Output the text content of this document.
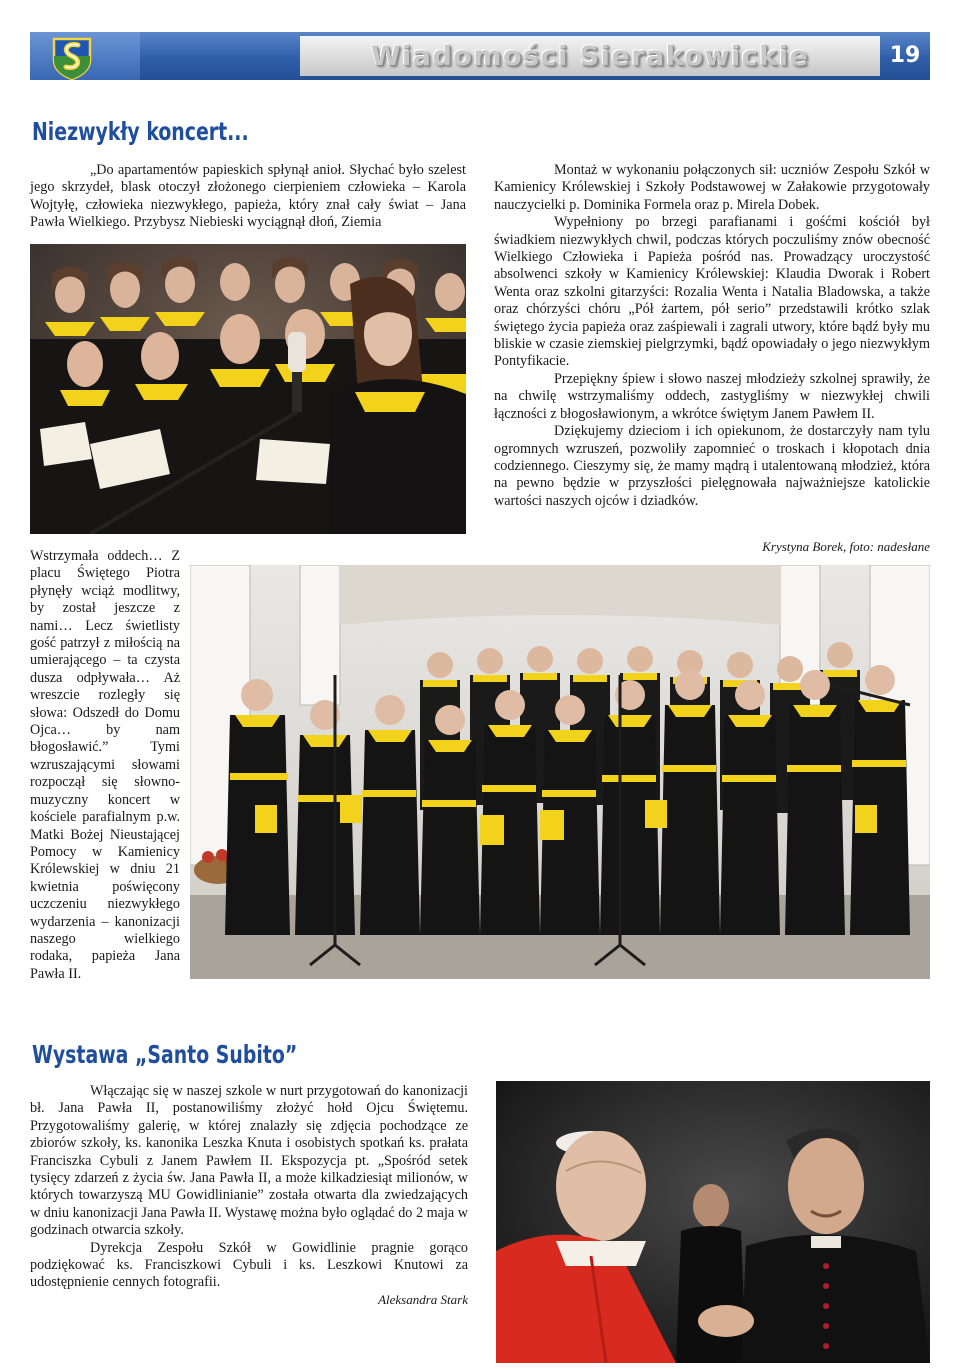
Wiadomości Sierakowickie	19
Niezwykły koncert...

„Do apartamentów papieskich spłynął anioł. Słychać było szelest jego skrzydeł, blask otoczył złożonego cierpieniem człowieka – Karola Wojtyłę, człowieka niezwykłego, papieża, który znał cały świat – Jana Pawła Wielkiego. Przybysz Niebieski wyciągnął dłoń, Ziemia

Montaż w wykonaniu połączonych sił: uczniów Zespołu Szkół w Kamienicy Królewskiej i Szkoły Podstawowej w Załakowie przygotowały nauczycielki p. Dominika Formela oraz p. Mirela Dobek.

Wypełniony po brzegi parafianami i gośćmi kościół był świadkiem niezwykłych chwil, podczas których poczuliśmy znów obecność Wielkiego Człowieka i Papieża pośród nas. Prowadzący uroczystość absolwenci szkoły w Kamienicy Królewskiej: Klaudia Dworak i Robert Wenta oraz szkolni gitarzyści: Rozalia Wenta i Natalia Bladowska, a także oraz chórzyści chóru „Pół żartem, pół serio” przedstawili krótko szlak świętego życia papieża oraz zaśpiewali i zagrali utwory, które bądź były mu bliskie w czasie ziemskiej pielgrzymki, bądź opowiadały o jego niezwykłym Pontyfikacie.

Przepiękny śpiew i słowo naszej młodzieży szkolnej sprawiły, że na chwilę wstrzymaliśmy oddech, zastygliśmy w niezwykłej chwili łączności z błogosławionym, a wkrótce świętym Janem Pawłem II.

Dziękujemy dzieciom i ich opiekunom, że dostarczyły nam tylu ogromnych wzruszeń, pozwoliły zapomnieć o troskach i kłopotach dnia codziennego. Cieszymy się, że mamy mądrą i utalentowaną młodzież, która na pewno będzie w przyszłości pielęgnowała najważniejsze katolickie wartości naszych ojców i dziadków.

Krystyna Borek, foto: nadesłane

Wstrzymała oddech… Z placu Świętego Piotra płynęły wciąż modlitwy, by został jeszcze z nami… Lecz świetlisty gość patrzył z miłością na umierającego – ta czysta dusza odpływała… Aż wreszcie rozległy się słowa: Odszedł do Domu Ojca… by nam błogosławić.” Tymi wzruszającymi słowami rozpoczął się słowno-muzyczny koncert w kościele parafialnym p.w. Matki Bożej Nieustającej Pomocy w Kamienicy Królewskiej w dniu 21 kwietnia poświęcony uczczeniu niezwykłego wydarzenia – kanonizacji naszego wielkiego rodaka, papieża Jana Pawła II.

Wystawa „Santo Subito”

Włączając się w naszej szkole w nurt przygotowań do kanonizacji bł. Jana Pawła II, postanowiliśmy złożyć hołd Ojcu Świętemu. Przygotowaliśmy galerię, w której znalazły się zdjęcia pochodzące ze zbiorów szkoły, ks. kanonika Leszka Knuta i osobistych spotkań ks. prałata Franciszka Cybuli z Janem Pawłem II. Ekspozycja pt. „Spośród setek tysięcy zdarzeń z życia św. Jana Pawła II, a może kilkadziesiąt milionów, w których towarzyszą MU Gowidlinianie” została otwarta dla zwiedzających w dniu kanonizacji Jana Pawła II. Wystawę można było oglądać do 2 maja w godzinach otwarcia szkoły.

Dyrekcja Zespołu Szkół w Gowidlinie pragnie gorąco podziękować ks. Franciszkowi Cybuli i ks. Leszkowi Knutowi za udostępnienie cennych fotografii.

Aleksandra Stark
